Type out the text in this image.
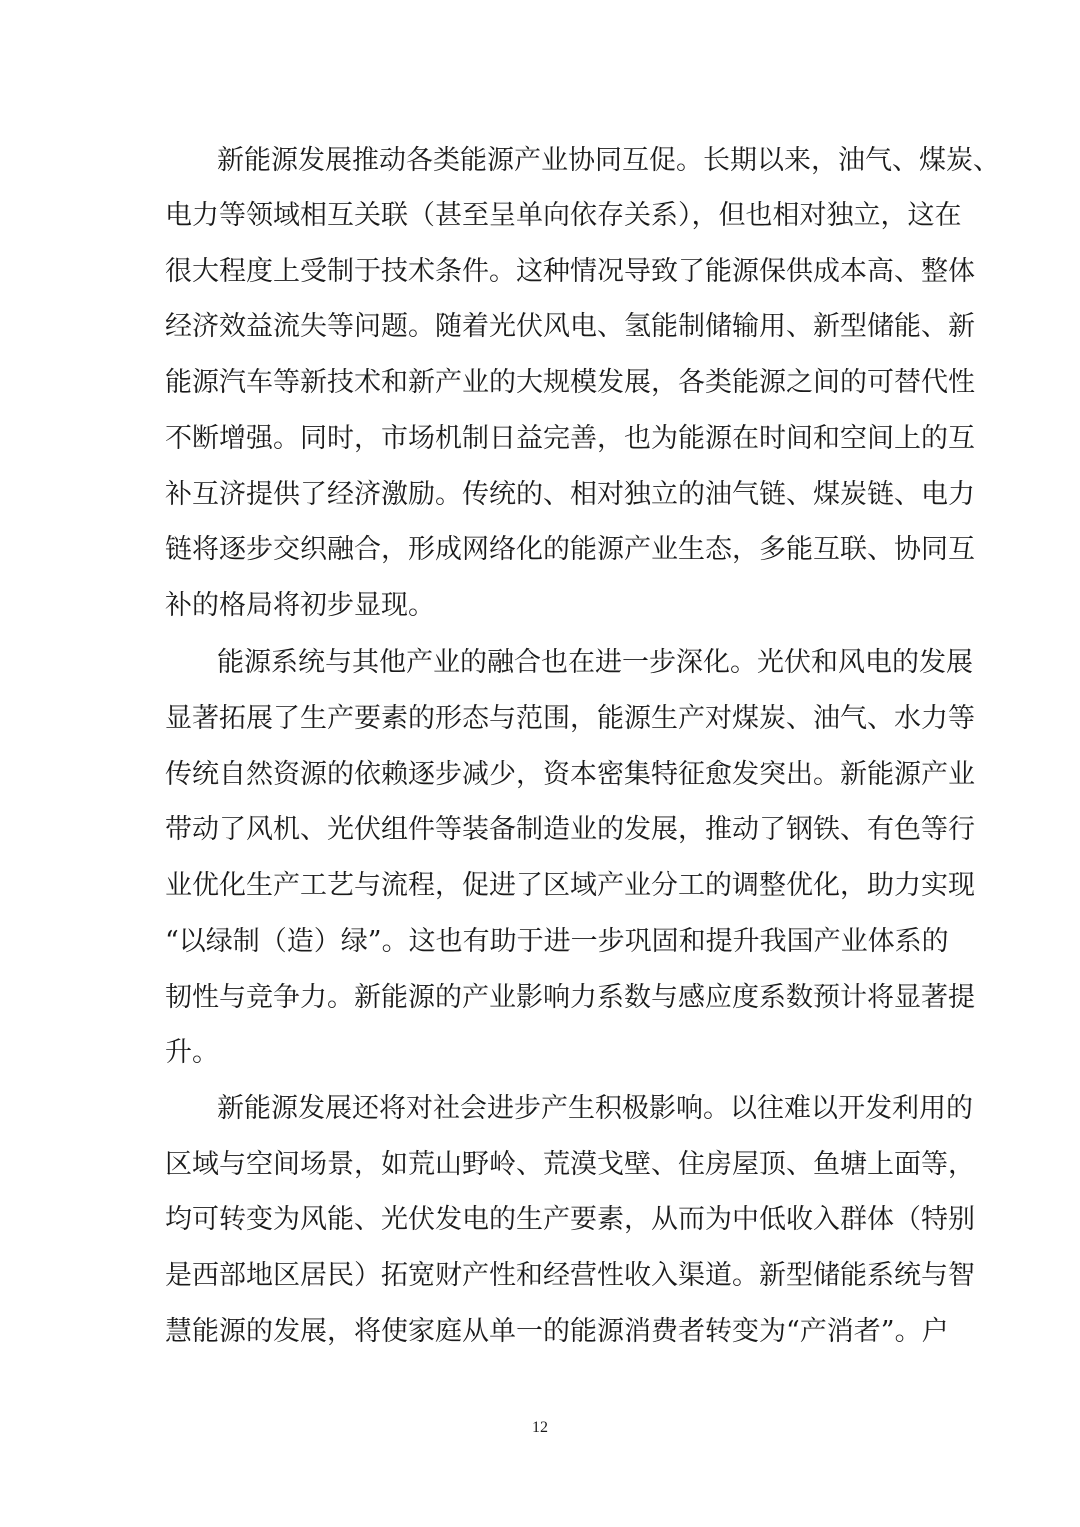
新能源发展推动各类能源产业协同互促。长期以来，油气、煤炭、
电力等领域相互关联（甚至呈单向依存关系），但也相对独立，这在
很大程度上受制于技术条件。这种情况导致了能源保供成本高、整体
经济效益流失等问题。随着光伏风电、氢能制储输用、新型储能、新
能源汽车等新技术和新产业的大规模发展，各类能源之间的可替代性
不断增强。同时，市场机制日益完善，也为能源在时间和空间上的互
补互济提供了经济激励。传统的、相对独立的油气链、煤炭链、电力
链将逐步交织融合，形成网络化的能源产业生态，多能互联、协同互
补的格局将初步显现。
能源系统与其他产业的融合也在进一步深化。光伏和风电的发展
显著拓展了生产要素的形态与范围，能源生产对煤炭、油气、水力等
传统自然资源的依赖逐步减少，资本密集特征愈发突出。新能源产业
带动了风机、光伏组件等装备制造业的发展，推动了钢铁、有色等行
业优化生产工艺与流程，促进了区域产业分工的调整优化，助力实现
“以绿制（造）绿”。这也有助于进一步巩固和提升我国产业体系的
韧性与竞争力。新能源的产业影响力系数与感应度系数预计将显著提
升。
新能源发展还将对社会进步产生积极影响。以往难以开发利用的
区域与空间场景，如荒山野岭、荒漠戈壁、住房屋顶、鱼塘上面等，
均可转变为风能、光伏发电的生产要素，从而为中低收入群体（特别
是西部地区居民）拓宽财产性和经营性收入渠道。新型储能系统与智
慧能源的发展，将使家庭从单一的能源消费者转变为“产消者”。户
12
